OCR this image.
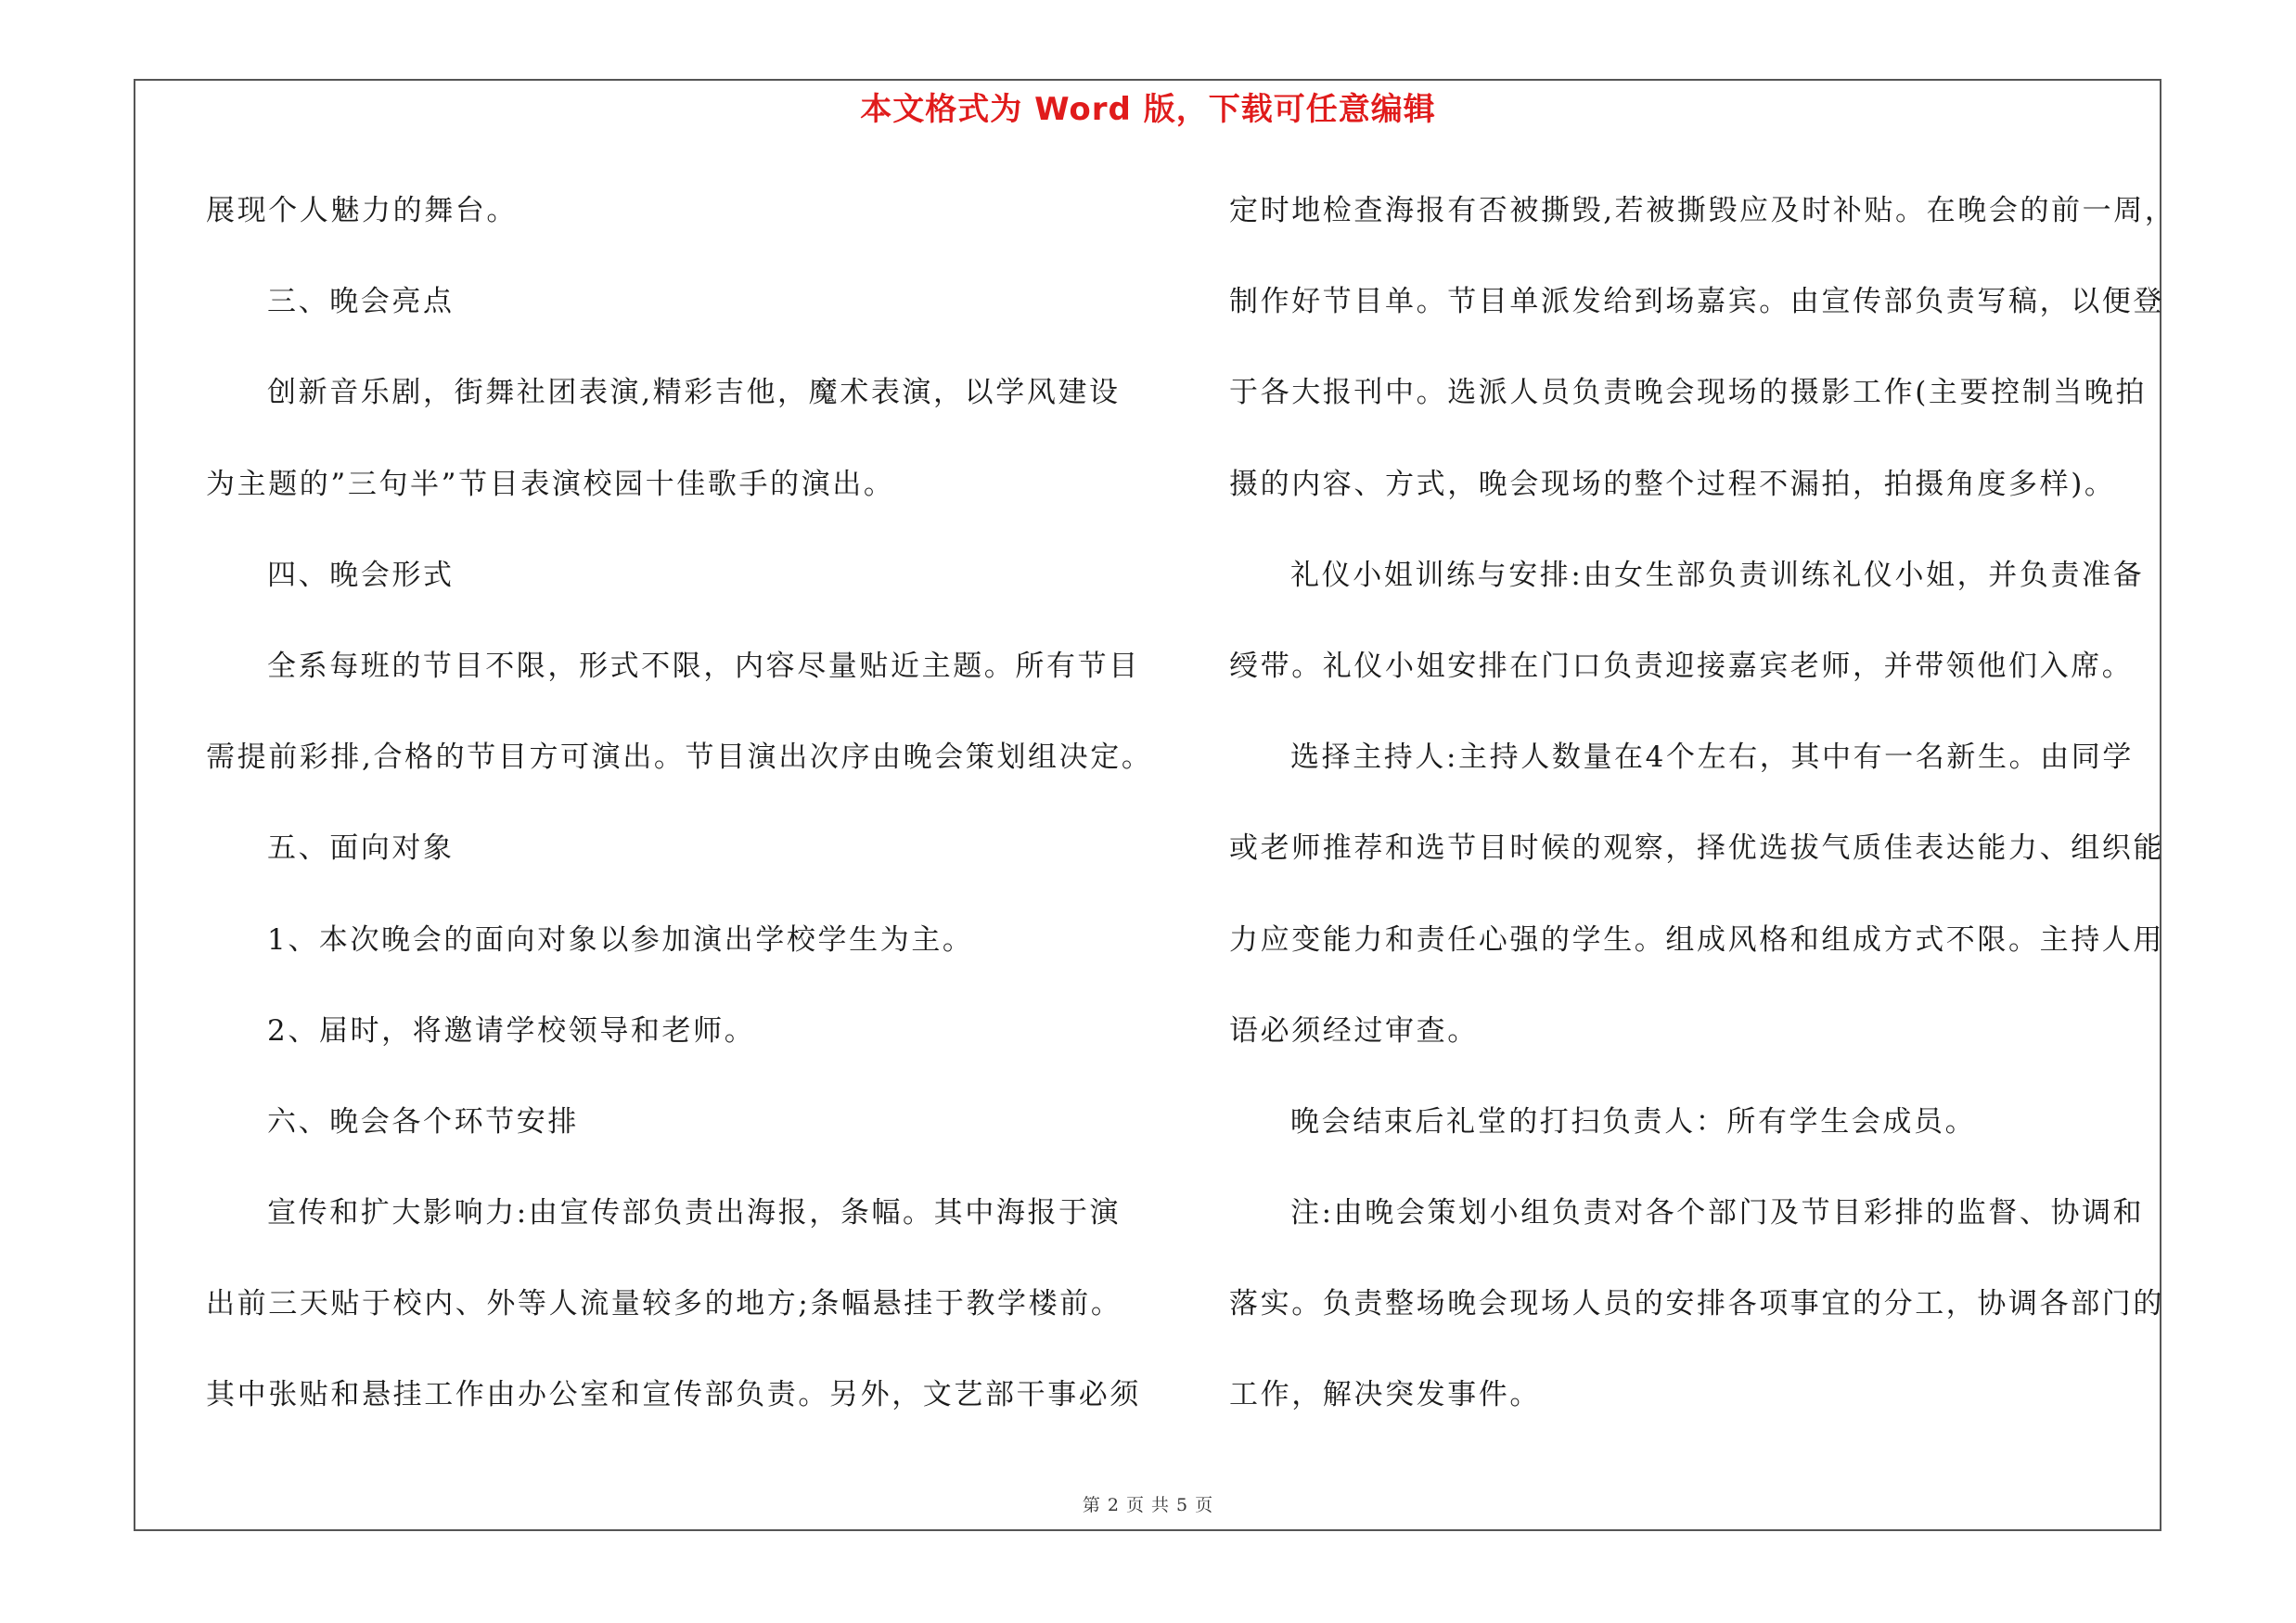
本文格式为 Word 版，下载可任意编辑
展现个人魅力的舞台。
三、晚会亮点
创新音乐剧，街舞社团表演,精彩吉他，魔术表演，以学风建设
为主题的”三句半”节目表演校园十佳歌手的演出。
四、晚会形式
全系每班的节目不限，形式不限，内容尽量贴近主题。所有节目
需提前彩排,合格的节目方可演出。节目演出次序由晚会策划组决定。
五、面向对象
1、本次晚会的面向对象以参加演出学校学生为主。
2、届时，将邀请学校领导和老师。
六、晚会各个环节安排
宣传和扩大影响力:由宣传部负责出海报，条幅。其中海报于演
出前三天贴于校内、外等人流量较多的地方;条幅悬挂于教学楼前。
其中张贴和悬挂工作由办公室和宣传部负责。另外，文艺部干事必须
定时地检查海报有否被撕毁,若被撕毁应及时补贴。在晚会的前一周，
制作好节目单。节目单派发给到场嘉宾。由宣传部负责写稿，以便登
于各大报刊中。选派人员负责晚会现场的摄影工作(主要控制当晚拍
摄的内容、方式，晚会现场的整个过程不漏拍，拍摄角度多样)。
礼仪小姐训练与安排:由女生部负责训练礼仪小姐，并负责准备
绶带。礼仪小姐安排在门口负责迎接嘉宾老师，并带领他们入席。
选择主持人:主持人数量在4个左右，其中有一名新生。由同学
或老师推荐和选节目时候的观察，择优选拔气质佳表达能力、组织能
力应变能力和责任心强的学生。组成风格和组成方式不限。主持人用
语必须经过审查。
晚会结束后礼堂的打扫负责人：所有学生会成员。
注:由晚会策划小组负责对各个部门及节目彩排的监督、协调和
落实。负责整场晚会现场人员的安排各项事宜的分工，协调各部门的
工作，解决突发事件。
第 2 页 共 5 页
